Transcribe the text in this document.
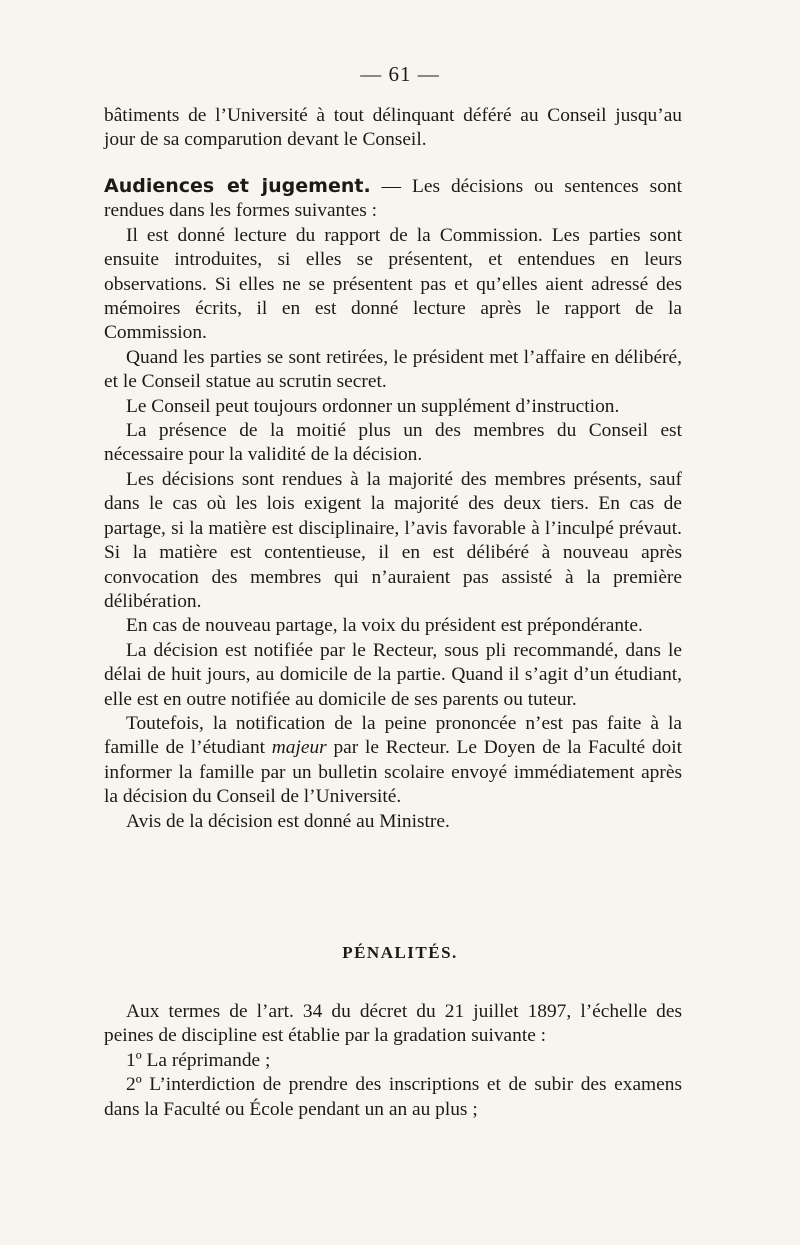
— 61 —

bâtiments de l’Université à tout délinquant déféré au Conseil jusqu’au jour de sa comparution devant le Conseil.

Audiences et jugement. — Les décisions ou sentences sont rendues dans les formes suivantes :

Il est donné lecture du rapport de la Commission. Les parties sont ensuite introduites, si elles se présentent, et entendues en leurs observations. Si elles ne se présentent pas et qu’elles aient adressé des mémoires écrits, il en est donné lecture après le rapport de la Commission.

Quand les parties se sont retirées, le président met l’affaire en délibéré, et le Conseil statue au scrutin secret.

Le Conseil peut toujours ordonner un supplément d’instruction.

La présence de la moitié plus un des membres du Conseil est nécessaire pour la validité de la décision.

Les décisions sont rendues à la majorité des membres présents, sauf dans le cas où les lois exigent la majorité des deux tiers. En cas de partage, si la matière est disciplinaire, l’avis favorable à l’inculpé prévaut. Si la matière est contentieuse, il en est délibéré à nouveau après convocation des membres qui n’auraient pas assisté à la première délibération.

En cas de nouveau partage, la voix du président est prépondérante.

La décision est notifiée par le Recteur, sous pli recommandé, dans le délai de huit jours, au domicile de la partie. Quand il s’agit d’un étudiant, elle est en outre notifiée au domicile de ses parents ou tuteur.

Toutefois, la notification de la peine prononcée n’est pas faite à la famille de l’étudiant majeur par le Recteur. Le Doyen de la Faculté doit informer la famille par un bulletin scolaire envoyé immédiatement après la décision du Conseil de l’Université.

Avis de la décision est donné au Ministre.

PÉNALITÉS.

Aux termes de l’art. 34 du décret du 21 juillet 1897, l’échelle des peines de discipline est établie par la gradation suivante :

1º La réprimande ;

2º L’interdiction de prendre des inscriptions et de subir des examens dans la Faculté ou École pendant un an au plus ;
